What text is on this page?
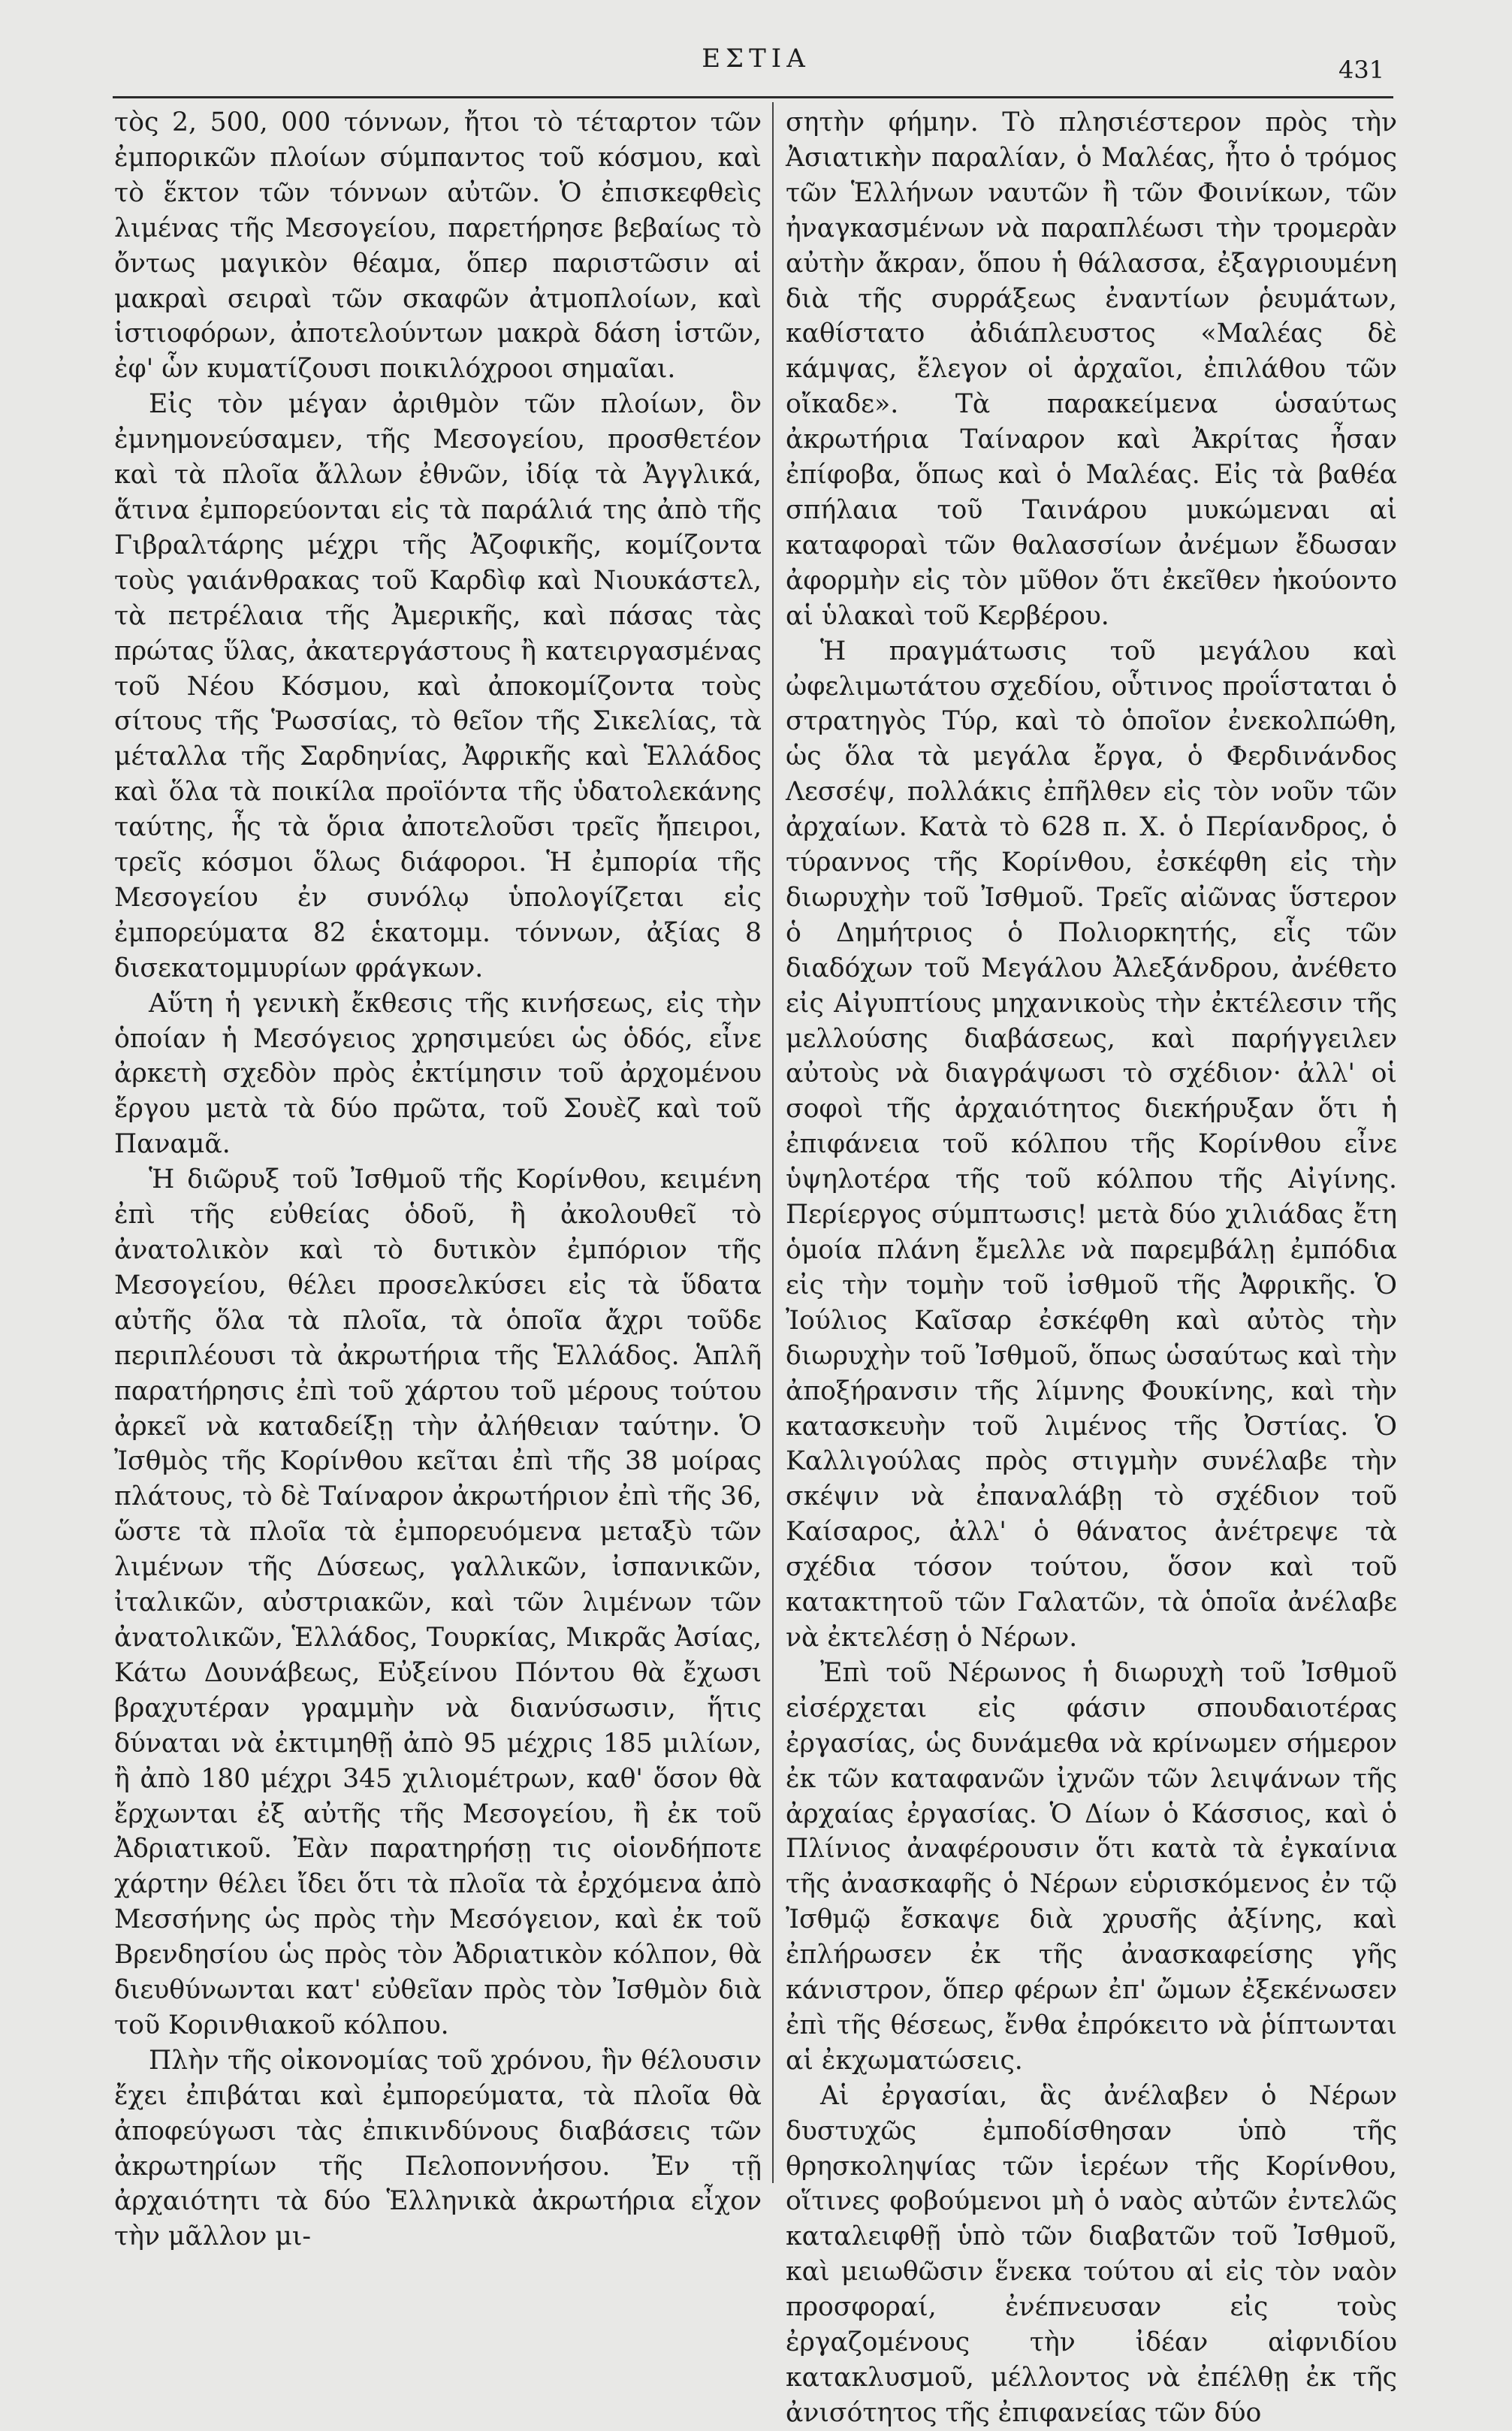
ΕΣΤΙΑ	431

τὸς 2, 500, 000 τόννων, ἤτοι τὸ τέταρτον τῶν ἐμπορικῶν πλοίων σύμπαντος τοῦ κόσμου, καὶ τὸ ἕκτον τῶν τόννων αὐτῶν. Ὁ ἐπισκεφθεὶς λιμένας τῆς Μεσογείου, παρετήρησε βεβαίως τὸ ὄντως μαγικὸν θέαμα, ὅπερ παριστῶσιν αἱ μακραὶ σειραὶ τῶν σκαφῶν ἀτμοπλοίων, καὶ ἱστιοφόρων, ἀποτελούντων μακρὰ δάση ἱστῶν, ἐφ' ὧν κυματίζουσι ποικιλόχροοι σημαῖαι.

Εἰς τὸν μέγαν ἀριθμὸν τῶν πλοίων, ὃν ἐμνημονεύσαμεν, τῆς Μεσογείου, προσθετέον καὶ τὰ πλοῖα ἄλλων ἐθνῶν, ἰδίᾳ τὰ Ἀγγλικά, ἅτινα ἐμπορεύονται εἰς τὰ παράλιά της ἀπὸ τῆς Γιβραλτάρης μέχρι τῆς Ἀζοφικῆς, κομίζοντα τοὺς γαιάνθρακας τοῦ Καρδὶφ καὶ Νιουκάστελ, τὰ πετρέλαια τῆς Ἀμερικῆς, καὶ πάσας τὰς πρώτας ὕλας, ἀκατεργάστους ἢ κατειργασμένας τοῦ Νέου Κόσμου, καὶ ἀποκομίζοντα τοὺς σίτους τῆς Ῥωσσίας, τὸ θεῖον τῆς Σικελίας, τὰ μέταλλα τῆς Σαρδηνίας, Ἀφρικῆς καὶ Ἑλλάδος καὶ ὅλα τὰ ποικίλα προϊόντα τῆς ὑδατολεκάνης ταύτης, ἧς τὰ ὅρια ἀποτελοῦσι τρεῖς ἤπειροι, τρεῖς κόσμοι ὅλως διάφοροι. Ἡ ἐμπορία τῆς Μεσογείου ἐν συνόλῳ ὑπολογίζεται εἰς ἐμπορεύματα 82 ἑκατομμ. τόννων, ἀξίας 8 δισεκατομμυρίων φράγκων.

Αὕτη ἡ γενικὴ ἔκθεσις τῆς κινήσεως, εἰς τὴν ὁποίαν ἡ Μεσόγειος χρησιμεύει ὡς ὁδός, εἶνε ἀρκετὴ σχεδὸν πρὸς ἐκτίμησιν τοῦ ἀρχομένου ἔργου μετὰ τὰ δύο πρῶτα, τοῦ Σουὲζ καὶ τοῦ Παναμᾶ.

Ἡ διῶρυξ τοῦ Ἰσθμοῦ τῆς Κορίνθου, κειμένη ἐπὶ τῆς εὐθείας ὁδοῦ, ἢ ἀκολουθεῖ τὸ ἀνατολικὸν καὶ τὸ δυτικὸν ἐμπόριον τῆς Μεσογείου, θέλει προσελκύσει εἰς τὰ ὕδατα αὐτῆς ὅλα τὰ πλοῖα, τὰ ὁποῖα ἄχρι τοῦδε περιπλέουσι τὰ ἀκρωτήρια τῆς Ἑλλάδος. Ἁπλῆ παρατήρησις ἐπὶ τοῦ χάρτου τοῦ μέρους τούτου ἀρκεῖ νὰ καταδείξῃ τὴν ἀλήθειαν ταύτην. Ὁ Ἰσθμὸς τῆς Κορίνθου κεῖται ἐπὶ τῆς 38 μοίρας πλάτους, τὸ δὲ Ταίναρον ἀκρωτήριον ἐπὶ τῆς 36, ὥστε τὰ πλοῖα τὰ ἐμπορευόμενα μεταξὺ τῶν λιμένων τῆς Δύσεως, γαλλικῶν, ἰσπανικῶν, ἰταλικῶν, αὐστριακῶν, καὶ τῶν λιμένων τῶν ἀνατολικῶν, Ἑλλάδος, Τουρκίας, Μικρᾶς Ἀσίας, Κάτω Δουνάβεως, Εὐξείνου Πόντου θὰ ἔχωσι βραχυτέραν γραμμὴν νὰ διανύσωσιν, ἥτις δύναται νὰ ἐκτιμηθῇ ἀπὸ 95 μέχρις 185 μιλίων, ἢ ἀπὸ 180 μέχρι 345 χιλιομέτρων, καθ' ὅσον θὰ ἔρχωνται ἐξ αὐτῆς τῆς Μεσογείου, ἢ ἐκ τοῦ Ἀδριατικοῦ. Ἐὰν παρατηρήσῃ τις οἱονδήποτε χάρτην θέλει ἴδει ὅτι τὰ πλοῖα τὰ ἐρχόμενα ἀπὸ Μεσσήνης ὡς πρὸς τὴν Μεσόγειον, καὶ ἐκ τοῦ Βρενδησίου ὡς πρὸς τὸν Ἀδριατικὸν κόλπον, θὰ διευθύνωνται κατ' εὐθεῖαν πρὸς τὸν Ἰσθμὸν διὰ τοῦ Κορινθιακοῦ κόλπου.

Πλὴν τῆς οἰκονομίας τοῦ χρόνου, ἣν θέλουσιν ἔχει ἐπιβάται καὶ ἐμπορεύματα, τὰ πλοῖα θὰ ἀποφεύγωσι τὰς ἐπικινδύνους διαβάσεις τῶν ἀκρωτηρίων τῆς Πελοποννήσου. Ἐν τῇ ἀρχαιότητι τὰ δύο Ἑλληνικὰ ἀκρωτήρια εἶχον τὴν μᾶλλον μι-

σητὴν φήμην. Τὸ πλησιέστερον πρὸς τὴν Ἀσιατικὴν παραλίαν, ὁ Μαλέας, ἦτο ὁ τρόμος τῶν Ἑλλήνων ναυτῶν ἢ τῶν Φοινίκων, τῶν ἠναγκασμένων νὰ παραπλέωσι τὴν τρομερὰν αὐτὴν ἄκραν, ὅπου ἡ θάλασσα, ἐξαγριουμένη διὰ τῆς συρράξεως ἐναντίων ῥευμάτων, καθίστατο ἀδιάπλευστος «Μαλέας δὲ κάμψας, ἔλεγον οἱ ἀρχαῖοι, ἐπιλάθου τῶν οἴκαδε». Τὰ παρακείμενα ὡσαύτως ἀκρωτήρια Ταίναρον καὶ Ἀκρίτας ἦσαν ἐπίφοβα, ὅπως καὶ ὁ Μαλέας. Εἰς τὰ βαθέα σπήλαια τοῦ Ταινάρου μυκώμεναι αἱ καταφοραὶ τῶν θαλασσίων ἀνέμων ἔδωσαν ἀφορμὴν εἰς τὸν μῦθον ὅτι ἐκεῖθεν ἠκούοντο αἱ ὑλακαὶ τοῦ Κερβέρου.

Ἡ πραγμάτωσις τοῦ μεγάλου καὶ ὠφελιμωτάτου σχεδίου, οὗτινος προΐσταται ὁ στρατηγὸς Τύρ, καὶ τὸ ὁποῖον ἐνεκολπώθη, ὡς ὅλα τὰ μεγάλα ἔργα, ὁ Φερδινάνδος Λεσσέψ, πολλάκις ἐπῆλθεν εἰς τὸν νοῦν τῶν ἀρχαίων. Κατὰ τὸ 628 π. Χ. ὁ Περίανδρος, ὁ τύραννος τῆς Κορίνθου, ἐσκέφθη εἰς τὴν διωρυχὴν τοῦ Ἰσθμοῦ. Τρεῖς αἰῶνας ὕστερον ὁ Δημήτριος ὁ Πολιορκητής, εἷς τῶν διαδόχων τοῦ Μεγάλου Ἀλεξάνδρου, ἀνέθετο εἰς Αἰγυπτίους μηχανικοὺς τὴν ἐκτέλεσιν τῆς μελλούσης διαβάσεως, καὶ παρήγγειλεν αὐτοὺς νὰ διαγράψωσι τὸ σχέδιον· ἀλλ' οἱ σοφοὶ τῆς ἀρχαιότητος διεκήρυξαν ὅτι ἡ ἐπιφάνεια τοῦ κόλπου τῆς Κορίνθου εἶνε ὑψηλοτέρα τῆς τοῦ κόλπου τῆς Αἰγίνης. Περίεργος σύμπτωσις! μετὰ δύο χιλιάδας ἔτη ὁμοία πλάνη ἔμελλε νὰ παρεμβάλῃ ἐμπόδια εἰς τὴν τομὴν τοῦ ἰσθμοῦ τῆς Ἀφρικῆς. Ὁ Ἰούλιος Καῖσαρ ἐσκέφθη καὶ αὐτὸς τὴν διωρυχὴν τοῦ Ἰσθμοῦ, ὅπως ὡσαύτως καὶ τὴν ἀποξήρανσιν τῆς λίμνης Φουκίνης, καὶ τὴν κατασκευὴν τοῦ λιμένος τῆς Ὀστίας. Ὁ Καλλιγούλας πρὸς στιγμὴν συνέλαβε τὴν σκέψιν νὰ ἐπαναλάβῃ τὸ σχέδιον τοῦ Καίσαρος, ἀλλ' ὁ θάνατος ἀνέτρεψε τὰ σχέδια τόσον τούτου, ὅσον καὶ τοῦ κατακτητοῦ τῶν Γαλατῶν, τὰ ὁποῖα ἀνέλαβε νὰ ἐκτελέσῃ ὁ Νέρων.

Ἐπὶ τοῦ Νέρωνος ἡ διωρυχὴ τοῦ Ἰσθμοῦ εἰσέρχεται εἰς φάσιν σπουδαιοτέρας ἐργασίας, ὡς δυνάμεθα νὰ κρίνωμεν σήμερον ἐκ τῶν καταφανῶν ἰχνῶν τῶν λειψάνων τῆς ἀρχαίας ἐργασίας. Ὁ Δίων ὁ Κάσσιος, καὶ ὁ Πλίνιος ἀναφέρουσιν ὅτι κατὰ τὰ ἐγκαίνια τῆς ἀνασκαφῆς ὁ Νέρων εὑρισκόμενος ἐν τῷ Ἰσθμῷ ἔσκαψε διὰ χρυσῆς ἀξίνης, καὶ ἐπλήρωσεν ἐκ τῆς ἀνασκαφείσης γῆς κάνιστρον, ὅπερ φέρων ἐπ' ὤμων ἐξεκένωσεν ἐπὶ τῆς θέσεως, ἔνθα ἐπρόκειτο νὰ ῥίπτωνται αἱ ἐκχωματώσεις.

Αἱ ἐργασίαι, ἃς ἀνέλαβεν ὁ Νέρων δυστυχῶς ἐμποδίσθησαν ὑπὸ τῆς θρησκοληψίας τῶν ἱερέων τῆς Κορίνθου, οἵτινες φοβούμενοι μὴ ὁ ναὸς αὐτῶν ἐντελῶς καταλειφθῇ ὑπὸ τῶν διαβατῶν τοῦ Ἰσθμοῦ, καὶ μειωθῶσιν ἕνεκα τούτου αἱ εἰς τὸν ναὸν προσφοραί, ἐνέπνευσαν εἰς τοὺς ἐργαζομένους τὴν ἰδέαν αἰφνιδίου κατακλυσμοῦ, μέλλοντος νὰ ἐπέλθῃ ἐκ τῆς ἀνισότητος τῆς ἐπιφανείας τῶν δύο
